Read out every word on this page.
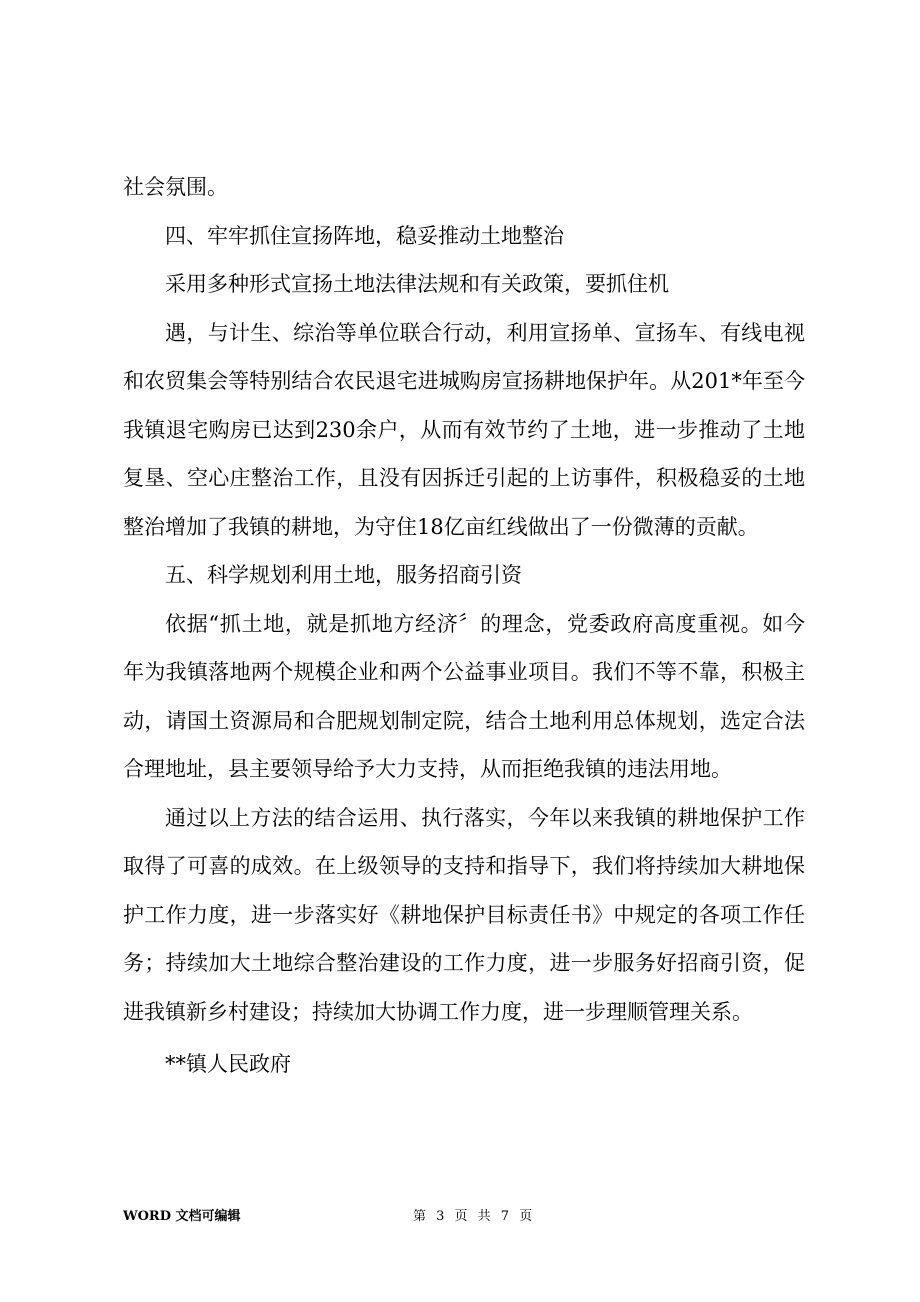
社会氛围。

四、牢牢抓住宣扬阵地，稳妥推动土地整治

采用多种形式宣扬土地法律法规和有关政策，要抓住机

遇，与计生、综治等单位联合行动，利用宣扬单、宣扬车、有线电视和农贸集会等特别结合农民退宅进城购房宣扬耕地保护年。从201*年至今我镇退宅购房已达到230余户，从而有效节约了土地，进一步推动了土地复垦、空心庄整治工作，且没有因拆迁引起的上访事件，积极稳妥的土地整治增加了我镇的耕地，为守住18亿亩红线做出了一份微薄的贡献。

五、科学规划利用土地，服务招商引资

依据“抓土地，就是抓地方经济〞的理念，党委政府高度重视。如今年为我镇落地两个规模企业和两个公益事业项目。我们不等不靠，积极主动，请国土资源局和合肥规划制定院，结合土地利用总体规划，选定合法合理地址，县主要领导给予大力支持，从而拒绝我镇的违法用地。

通过以上方法的结合运用、执行落实，今年以来我镇的耕地保护工作取得了可喜的成效。在上级领导的支持和指导下，我们将持续加大耕地保护工作力度，进一步落实好《耕地保护目标责任书》中规定的各项工作任务；持续加大土地综合整治建设的工作力度，进一步服务好招商引资，促进我镇新乡村建设；持续加大协调工作力度，进一步理顺管理关系。

**镇人民政府

WORD 文档可编辑	第 3 页 共 7 页
